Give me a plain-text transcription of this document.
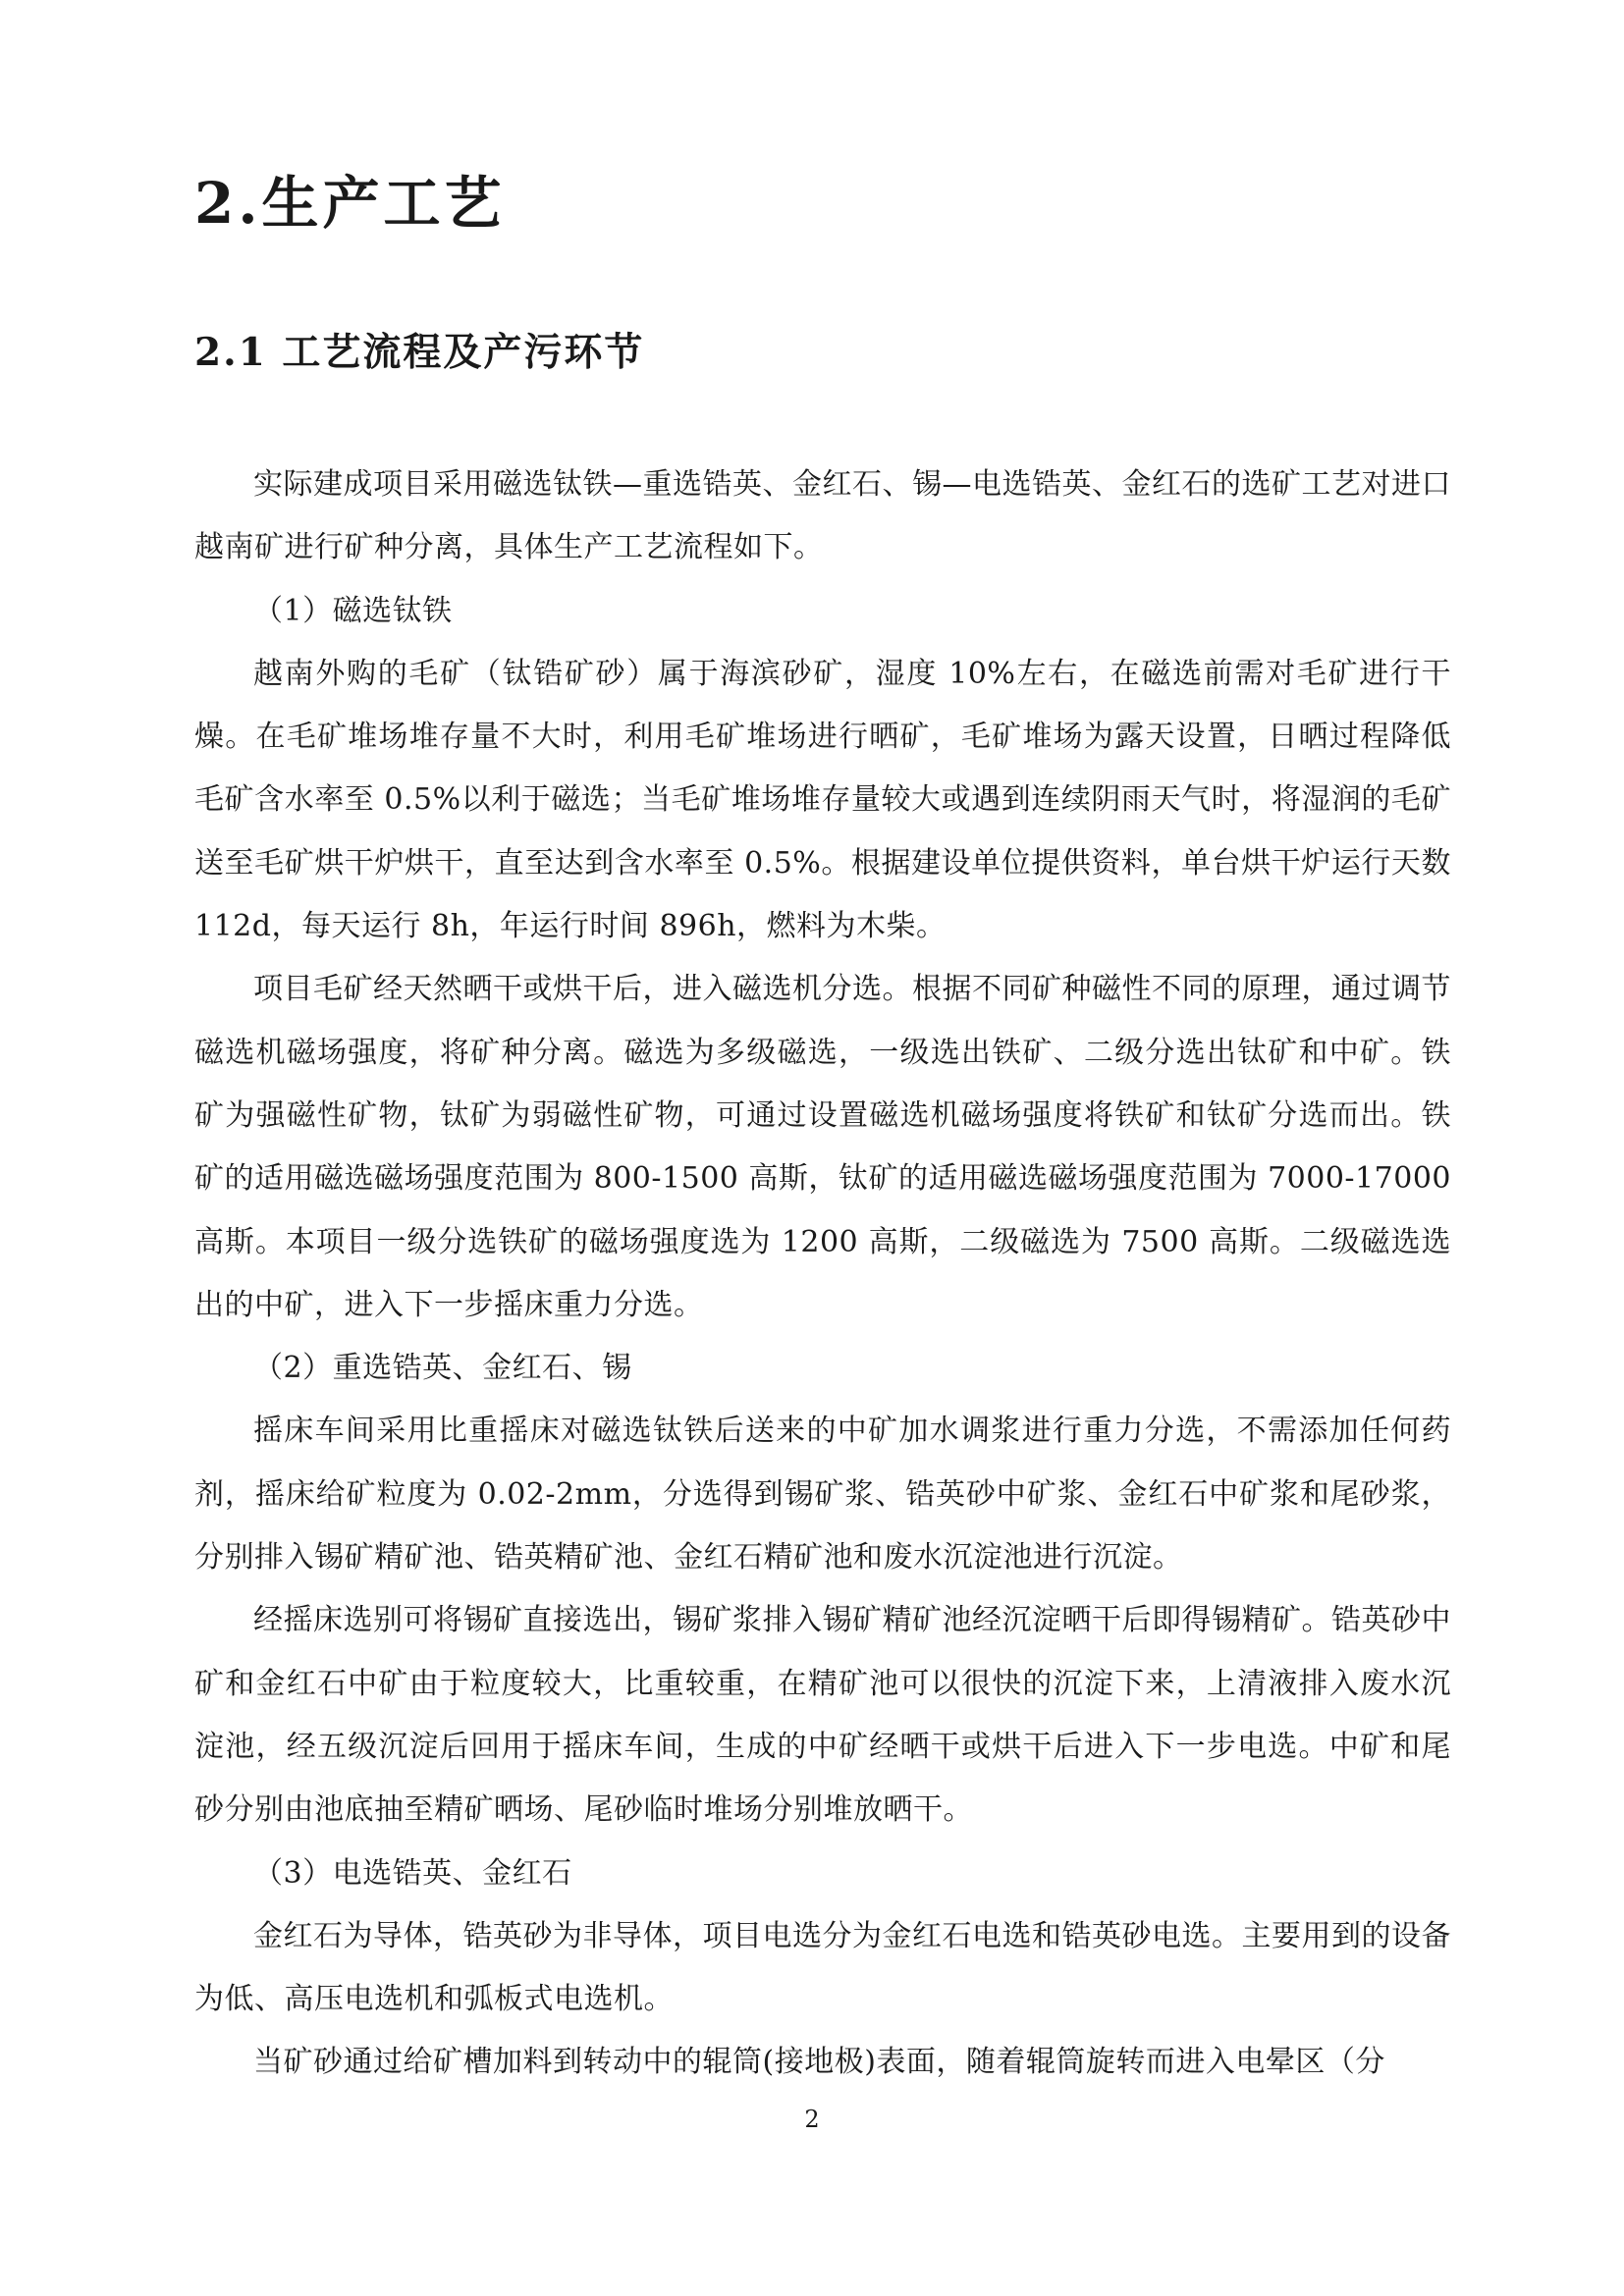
2.生产工艺
2.1 工艺流程及产污环节

实际建成项目采用磁选钛铁—重选锆英、金红石、锡—电选锆英、金红石的选矿工艺对进口越南矿进行矿种分离，具体生产工艺流程如下。

（1）磁选钛铁

越南外购的毛矿（钛锆矿砂）属于海滨砂矿，湿度 10%左右，在磁选前需对毛矿进行干燥。在毛矿堆场堆存量不大时，利用毛矿堆场进行晒矿，毛矿堆场为露天设置，日晒过程降低毛矿含水率至 0.5%以利于磁选；当毛矿堆场堆存量较大或遇到连续阴雨天气时，将湿润的毛矿送至毛矿烘干炉烘干，直至达到含水率至 0.5%。根据建设单位提供资料，单台烘干炉运行天数 112d，每天运行 8h，年运行时间 896h，燃料为木柴。

项目毛矿经天然晒干或烘干后，进入磁选机分选。根据不同矿种磁性不同的原理，通过调节磁选机磁场强度，将矿种分离。磁选为多级磁选，一级选出铁矿、二级分选出钛矿和中矿。铁矿为强磁性矿物，钛矿为弱磁性矿物，可通过设置磁选机磁场强度将铁矿和钛矿分选而出。铁矿的适用磁选磁场强度范围为 800-1500 高斯，钛矿的适用磁选磁场强度范围为 7000-17000 高斯。本项目一级分选铁矿的磁场强度选为 1200 高斯，二级磁选为 7500 高斯。二级磁选选出的中矿，进入下一步摇床重力分选。

（2）重选锆英、金红石、锡

摇床车间采用比重摇床对磁选钛铁后送来的中矿加水调浆进行重力分选，不需添加任何药剂，摇床给矿粒度为 0.02-2mm，分选得到锡矿浆、锆英砂中矿浆、金红石中矿浆和尾砂浆，分别排入锡矿精矿池、锆英精矿池、金红石精矿池和废水沉淀池进行沉淀。

经摇床选别可将锡矿直接选出，锡矿浆排入锡矿精矿池经沉淀晒干后即得锡精矿。锆英砂中矿和金红石中矿由于粒度较大，比重较重，在精矿池可以很快的沉淀下来，上清液排入废水沉淀池，经五级沉淀后回用于摇床车间，生成的中矿经晒干或烘干后进入下一步电选。中矿和尾砂分别由池底抽至精矿晒场、尾砂临时堆场分别堆放晒干。

（3）电选锆英、金红石

金红石为导体，锆英砂为非导体，项目电选分为金红石电选和锆英砂电选。主要用到的设备为低、高压电选机和弧板式电选机。

当矿砂通过给矿槽加料到转动中的辊筒(接地极)表面，随着辊筒旋转而进入电晕区（分

2
